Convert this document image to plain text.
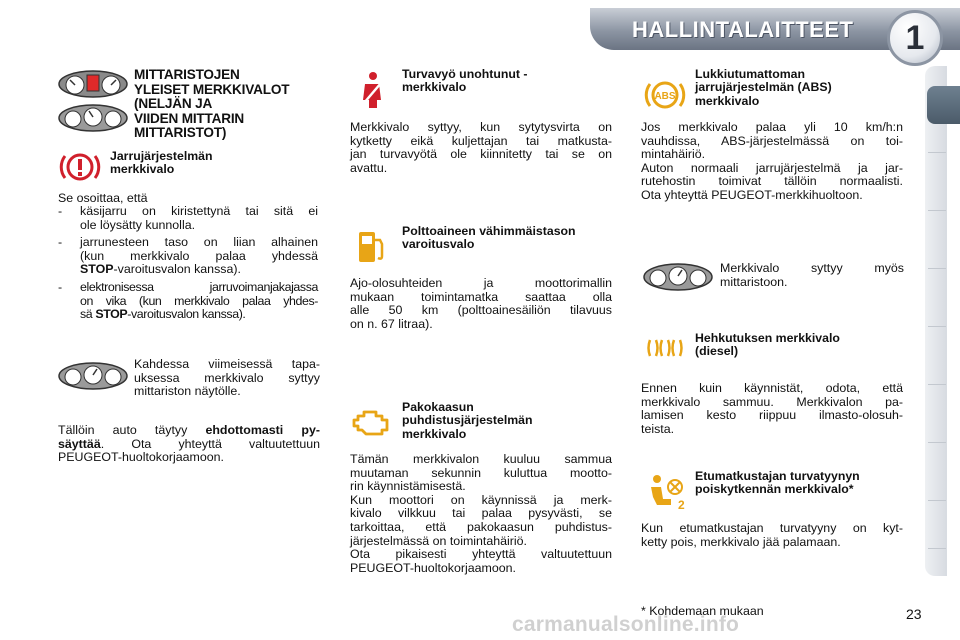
HALLINTALAITTEET	1
MITTARISTOJEN
YLEISET MERKKIVALOT
(NELJÄN JA
VIIDEN MITTARIN
MITTARISTOT)
Jarrujärjestelmän
merkkivalo
Se osoittaa, että
- käsijarru on kiristettynä tai sitä ei
ole löysätty kunnolla.
- jarrunesteen taso on liian alhainen
(kun merkkivalo palaa yhdessä
STOP-varoitusvalon kanssa).
- elektronisessa jarruvoimanjakajassa
on vika (kun merkkivalo palaa yhdes-
sä STOP-varoitusvalon kanssa).
Kahdessa viimeisessä tapa-
uksessa merkkivalo syttyy
mittariston näytölle.
Tällöin auto täytyy ehdottomasti py-
säyttää. Ota yhteyttä valtuutettuun
PEUGEOT-huoltokorjaamoon.
Turvavyö unohtunut -
merkkivalo
Merkkivalo syttyy, kun sytytysvirta on
kytketty eikä kuljettajan tai matkusta-
jan turvavyötä ole kiinnitetty tai se on
avattu.
Polttoaineen vähimmäistason
varoitusvalo
Ajo-olosuhteiden ja moottorimallin
mukaan toimintamatka saattaa olla
alle 50 km (polttoainesäiliön tilavuus
on n. 67 litraa).
Pakokaasun
puhdistusjärjestelmän
merkkivalo
Tämän merkkivalon kuuluu sammua
muutaman sekunnin kuluttua mootto-
rin käynnistämisestä.
Kun moottori on käynnissä ja merk-
kivalo vilkkuu tai palaa pysyvästi, se
tarkoittaa, että pakokaasun puhdistus-
järjestelmässä on toimintahäiriö.
Ota pikaisesti yhteyttä valtuutettuun
PEUGEOT-huoltokorjaamoon.
ABS
Lukkiutumattoman
jarrujärjestelmän (ABS)
merkkivalo
Jos merkkivalo palaa yli 10 km/h:n
vauhdissa, ABS-järjestelmässä on toi-
mintahäiriö.
Auton normaali jarrujärjestelmä ja jar-
rutehostin toimivat tällöin normaalisti.
Ota yhteyttä PEUGEOT-merkkihuoltoon.
Merkkivalo syttyy myös
mittaristoon.
Hehkutuksen merkkivalo
(diesel)
Ennen kuin käynnistät, odota, että
merkkivalo sammuu. Merkkivalon pa-
lamisen kesto riippuu ilmasto-olosuh-
teista.
2
Etumatkustajan turvatyynyn
poiskytkennän merkkivalo*
Kun etumatkustajan turvatyyny on kyt-
ketty pois, merkkivalo jää palamaan.
* Kohdemaan mukaan	23
carmanualsonline.info
